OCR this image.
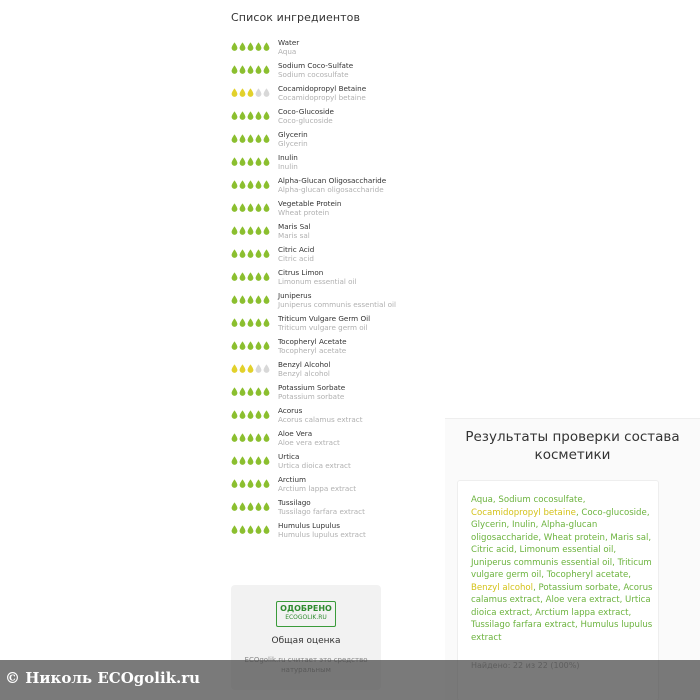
Список ингредиентов
Water
Aqua
Sodium Coco-Sulfate
Sodium cocosulfate
Cocamidopropyl Betaine
Cocamidopropyl betaine
Coco-Glucoside
Coco-glucoside
Glycerin
Glycerin
Inulin
Inulin
Alpha-Glucan Oligosaccharide
Alpha-glucan oligosaccharide
Vegetable Protein
Wheat protein
Maris Sal
Maris sal
Citric Acid
Citric acid
Citrus Limon
Limonum essential oil
Juniperus
Juniperus communis essential oil
Triticum Vulgare Germ Oil
Triticum vulgare germ oil
Tocopheryl Acetate
Tocopheryl acetate
Benzyl Alcohol
Benzyl alcohol
Potassium Sorbate
Potassium sorbate
Acorus
Acorus calamus extract
Aloe Vera
Aloe vera extract
Urtica
Urtica dioica extract
Arctium
Arctium lappa extract
Tussilago
Tussilago farfara extract
Humulus Lupulus
Humulus lupulus extract
ОДОБРЕНО
ECOGOLIK.RU
Общая оценка
Результаты проверки состава косметики
Aqua, Sodium cocosulfate, Cocamidopropyl betaine, Coco-glucoside, Glycerin, Inulin, Alpha-glucan oligosaccharide, Wheat protein, Maris sal, Citric acid, Limonum essential oil, Juniperus communis essential oil, Triticum vulgare germ oil, Tocopheryl acetate, Benzyl alcohol, Potassium sorbate, Acorus calamus extract, Aloe vera extract, Urtica dioica extract, Arctium lappa extract, Tussilago farfara extract, Humulus lupulus extract
© Николь ECOgolik.ru
